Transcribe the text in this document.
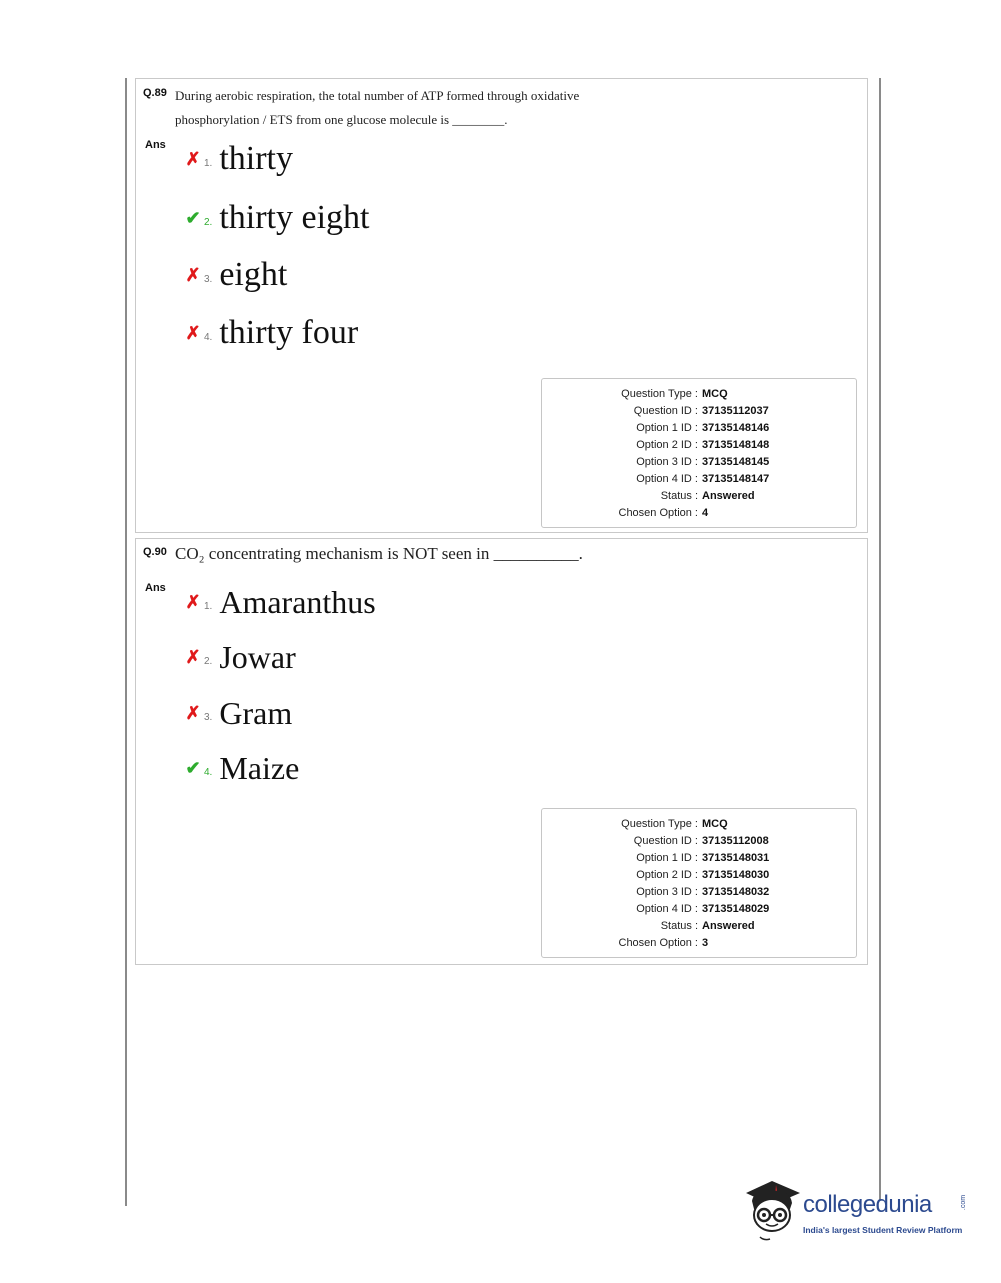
Q.89 During aerobic respiration, the total number of ATP formed through oxidative
phosphorylation / ETS from one glucose molecule is ________.
Ans
✗ 1. thirty
✔ 2. thirty eight
✗ 3. eight
✗ 4. thirty four
Question Type : MCQ
Question ID : 37135112037
Option 1 ID : 37135148146
Option 2 ID : 37135148148
Option 3 ID : 37135148145
Option 4 ID : 37135148147
Status : Answered
Chosen Option : 4
Q.90 CO₂ concentrating mechanism is NOT seen in __________.
Ans
✗ 1. Amaranthus
✗ 2. Jowar
✗ 3. Gram
✔ 4. Maize
Question Type : MCQ
Question ID : 37135112008
Option 1 ID : 37135148031
Option 2 ID : 37135148030
Option 3 ID : 37135148032
Option 4 ID : 37135148029
Status : Answered
Chosen Option : 3
collegedunia	.com
India's largest Student Review Platform
